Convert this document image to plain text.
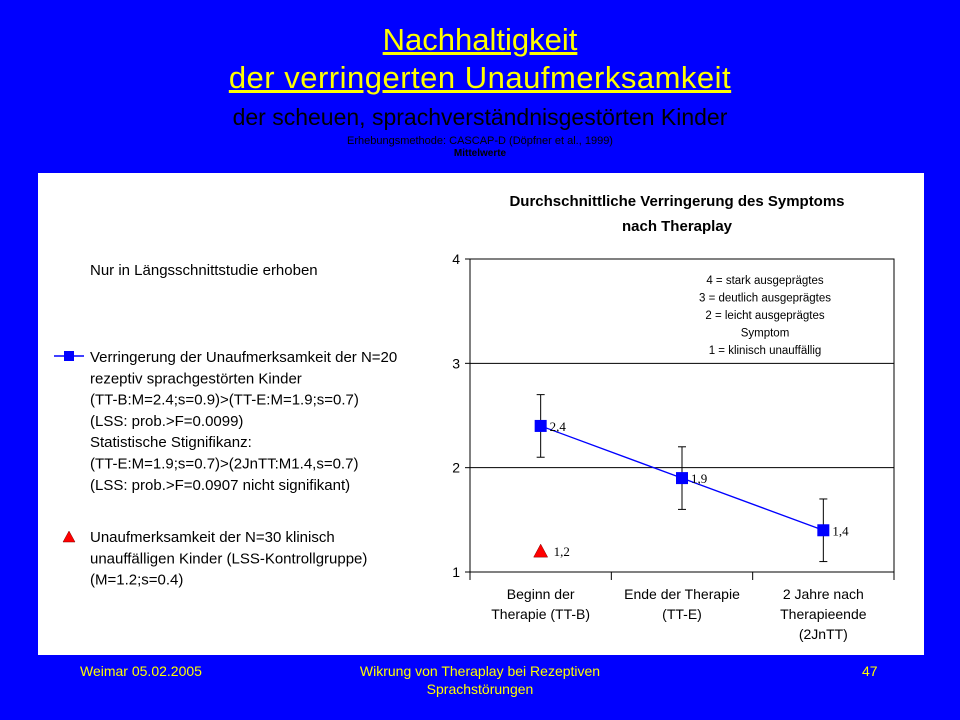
Nachhaltigkeit
der verringerten Unaufmerksamkeit
der scheuen, sprachverständnisgestörten Kinder
Erhebungsmethode: CASCAP-D (Döpfner et al., 1999)
Mittelwerte
Durchschnittliche Verringerung des Symptoms
nach Theraplay
1
2
3
4
Beginn der
Therapie (TT-B)
Ende der Therapie
(TT-E)
2 Jahre nach
Therapieende
(2JnTT)
4 = stark ausgeprägtes
3 = deutlich ausgeprägtes
2 = leicht ausgeprägtes
Symptom
1 = klinisch unauffällig
2,4
1,9
1,4
1,2
Nur in Längsschnittstudie erhoben
Verringerung der Unaufmerksamkeit der N=20
rezeptiv sprachgestörten Kinder
(TT-B:M=2.4;s=0.9)>(TT-E:M=1.9;s=0.7)
(LSS: prob.>F=0.0099)
Statistische Stignifikanz:
(TT-E:M=1.9;s=0.7)>(2JnTT:M1.4,s=0.7)
(LSS: prob.>F=0.0907 nicht signifikant)
Unaufmerksamkeit der N=30 klinisch
unauffälligen Kinder (LSS-Kontrollgruppe)
(M=1.2;s=0.4)
Weimar 05.02.2005	Wikrung von Theraplay bei Rezeptiven Sprachstörungen
47
